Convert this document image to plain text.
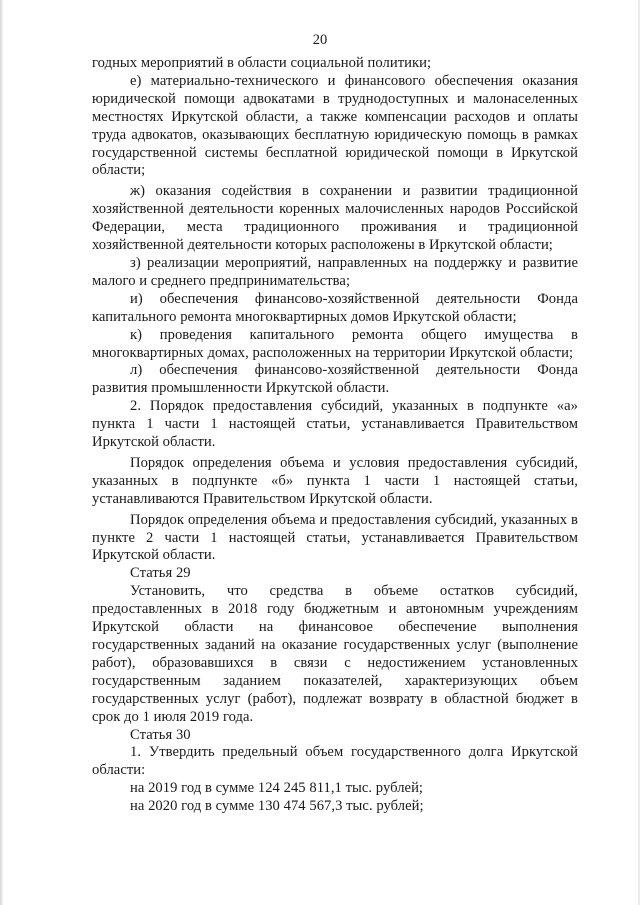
20

годных мероприятий в области социальной политики;

е) материально-технического и финансового обеспечения оказания юридической помощи адвокатами в труднодоступных и малонаселенных местностях Иркутской области, а также компенсации расходов и оплаты труда адвокатов, оказывающих бесплатную юридическую помощь в рамках государственной системы бесплатной юридической помощи в Иркутской области;

ж) оказания содействия в сохранении и развитии традиционной хозяйственной деятельности коренных малочисленных народов Российской Федерации, места традиционного проживания и традиционной хозяйственной деятельности которых расположены в Иркутской области;

з) реализации мероприятий, направленных на поддержку и развитие малого и среднего предпринимательства;

и) обеспечения финансово-хозяйственной деятельности Фонда капитального ремонта многоквартирных домов Иркутской области;

к) проведения капитального ремонта общего имущества в многоквартирных домах, расположенных на территории Иркутской области;

л) обеспечения финансово-хозяйственной деятельности Фонда развития промышленности Иркутской области.

2. Порядок предоставления субсидий, указанных в подпункте «а» пункта 1 части 1 настоящей статьи, устанавливается Правительством Иркутской области.

Порядок определения объема и условия предоставления субсидий, указанных в подпункте «б» пункта 1 части 1 настоящей статьи, устанавливаются Правительством Иркутской области.

Порядок определения объема и предоставления субсидий, указанных в пункте 2 части 1 настоящей статьи, устанавливается Правительством Иркутской области.

Статья 29

Установить, что средства в объеме остатков субсидий, предоставленных в 2018 году бюджетным и автономным учреждениям Иркутской области на финансовое обеспечение выполнения государственных заданий на оказание государственных услуг (выполнение работ), образовавшихся в связи с недостижением установленных государственным заданием показателей, характеризующих объем государственных услуг (работ), подлежат возврату в областной бюджет в срок до 1 июля 2019 года.

Статья 30

1. Утвердить предельный объем государственного долга Иркутской области:

на 2019 год в сумме 124 245 811,1 тыс. рублей;

на 2020 год в сумме 130 474 567,3 тыс. рублей;
